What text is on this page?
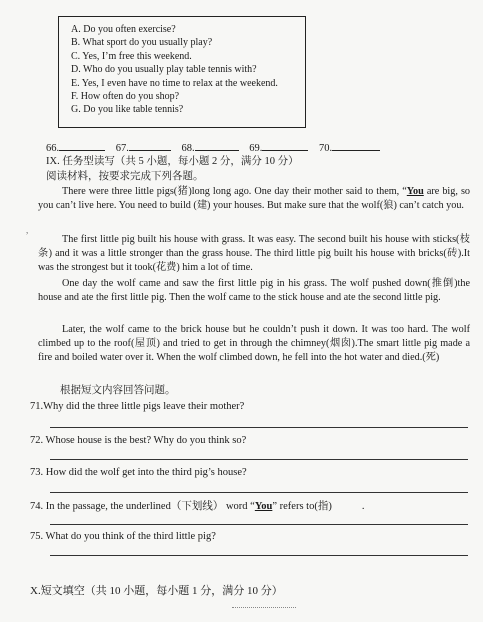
A. Do you often exercise?
B. What sport do you usually play?
C. Yes, I’m free this weekend.
D. Who do you usually play table tennis with?
E. Yes, I even have no time to relax at the weekend.
F. How often do you shop?
G. Do you like table tennis?
66.	67.	68.	69.	70.
IX. 任务型读写（共 5 小题，每小题 2 分，满分 10 分）
阅读材料，按要求完成下列各题。
There were three little pigs(猪)long long ago. One day their mother said to them, “You are big, so you can’t live here. You need to build (建) your houses. But make sure that the wolf(狼) can’t catch you.
,
The first little pig built his house with grass. It was easy. The second built his house with sticks(枝条) and it was a little stronger than the grass house. The third little pig built his house with bricks(砖).It was the strongest but it took(花费) him a lot of time.
One day the wolf came and saw the first little pig in his grass. The wolf pushed down(推倒)the house and ate the first little pig. Then the wolf came to the stick house and ate the second little pig.
Later, the wolf came to the brick house but he couldn’t push it down. It was too hard. The wolf climbed up to the roof(屋顶) and tried to get in through the chimney(烟囱).The smart little pig made a fire and boiled water over it. When the wolf climbed down, he fell into the hot water and died.(死)
根据短文内容回答问题。
71.Why did the three little pigs leave their mother?
72. Whose house is the best? Why do you think so?
73. How did the wolf get into the third pig’s house?
74. In the passage, the underlined（下划线） word “You” refers to(指)	.
75. What do you think of the third little pig?
X.短文填空（共 10 小题，每小题 1 分，满分 10 分）
